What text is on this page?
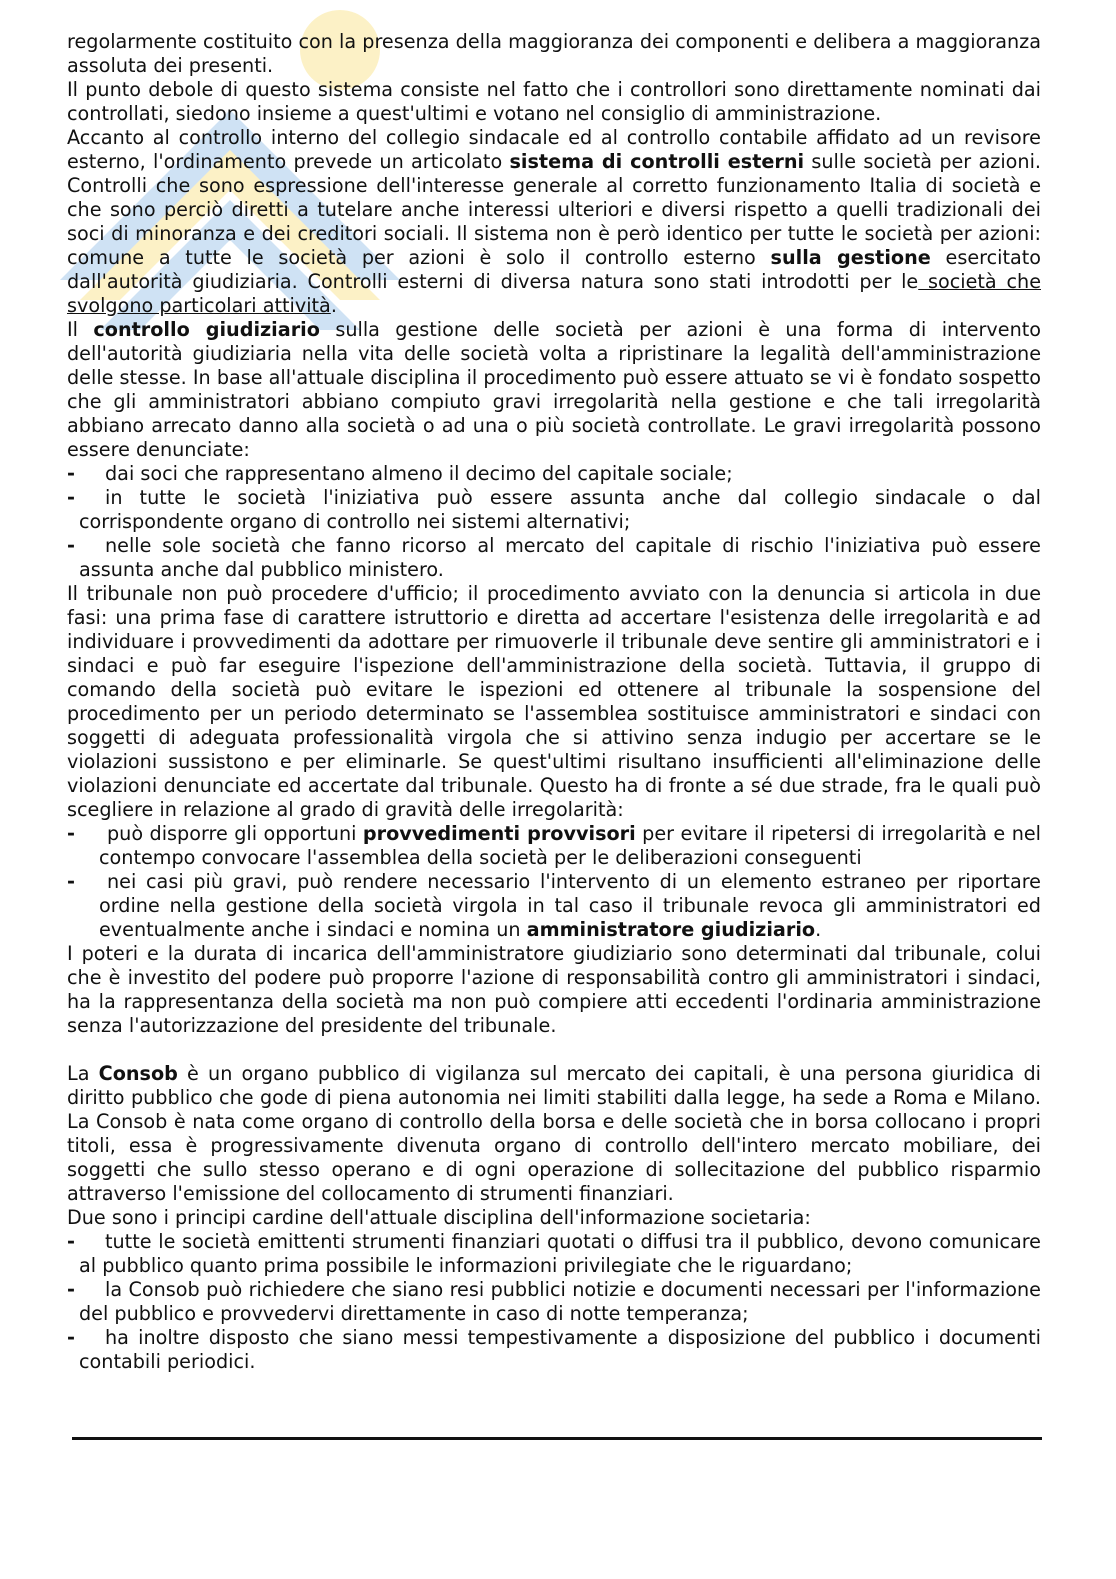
regolarmente costituito con la presenza della maggioranza dei componenti e delibera a maggioranza assoluta dei presenti.

Il punto debole di questo sistema consiste nel fatto che i controllori sono direttamente nominati dai controllati, siedono insieme a quest'ultimi e votano nel consiglio di amministrazione.

Accanto al controllo interno del collegio sindacale ed al controllo contabile affidato ad un revisore esterno, l'ordinamento prevede un articolato sistema di controlli esterni sulle società per azioni. Controlli che sono espressione dell'interesse generale al corretto funzionamento Italia di società e che sono perciò diretti a tutelare anche interessi ulteriori e diversi rispetto a quelli tradizionali dei soci di minoranza e dei creditori sociali. Il sistema non è però identico per tutte le società per azioni: comune a tutte le società per azioni è solo il controllo esterno sulla gestione esercitato dall'autorità giudiziaria. Controlli esterni di diversa natura sono stati introdotti per le società che svolgono particolari attività.

Il controllo giudiziario sulla gestione delle società per azioni è una forma di intervento dell'autorità giudiziaria nella vita delle società volta a ripristinare la legalità dell'amministrazione delle stesse. In base all'attuale disciplina il procedimento può essere attuato se vi è fondato sospetto che gli amministratori abbiano compiuto gravi irregolarità nella gestione e che tali irregolarità abbiano arrecato danno alla società o ad una o più società controllate. Le gravi irregolarità possono essere denunciate:

- dai soci che rappresentano almeno il decimo del capitale sociale;
- in tutte le società l'iniziativa può essere assunta anche dal collegio sindacale o dal corrispondente organo di controllo nei sistemi alternativi;
- nelle sole società che fanno ricorso al mercato del capitale di rischio l'iniziativa può essere assunta anche dal pubblico ministero.

Il tribunale non può procedere d'ufficio; il procedimento avviato con la denuncia si articola in due fasi: una prima fase di carattere istruttorio e diretta ad accertare l'esistenza delle irregolarità e ad individuare i provvedimenti da adottare per rimuoverle il tribunale deve sentire gli amministratori e i sindaci e può far eseguire l'ispezione dell'amministrazione della società. Tuttavia, il gruppo di comando della società può evitare le ispezioni ed ottenere al tribunale la sospensione del procedimento per un periodo determinato se l'assemblea sostituisce amministratori e sindaci con soggetti di adeguata professionalità virgola che si attivino senza indugio per accertare se le violazioni sussistono e per eliminarle. Se quest'ultimi risultano insufficienti all'eliminazione delle violazioni denunciate ed accertate dal tribunale. Questo ha di fronte a sé due strade, fra le quali può scegliere in relazione al grado di gravità delle irregolarità:

- può disporre gli opportuni provvedimenti provvisori per evitare il ripetersi di irregolarità e nel contempo convocare l'assemblea della società per le deliberazioni conseguenti
- nei casi più gravi, può rendere necessario l'intervento di un elemento estraneo per riportare ordine nella gestione della società virgola in tal caso il tribunale revoca gli amministratori ed eventualmente anche i sindaci e nomina un amministratore giudiziario.

I poteri e la durata di incarica dell'amministratore giudiziario sono determinati dal tribunale, colui che è investito del podere può proporre l'azione di responsabilità contro gli amministratori i sindaci, ha la rappresentanza della società ma non può compiere atti eccedenti l'ordinaria amministrazione senza l'autorizzazione del presidente del tribunale.

La Consob è un organo pubblico di vigilanza sul mercato dei capitali, è una persona giuridica di diritto pubblico che gode di piena autonomia nei limiti stabiliti dalla legge, ha sede a Roma e Milano. La Consob è nata come organo di controllo della borsa e delle società che in borsa collocano i propri titoli, essa è progressivamente divenuta organo di controllo dell'intero mercato mobiliare, dei soggetti che sullo stesso operano e di ogni operazione di sollecitazione del pubblico risparmio attraverso l'emissione del collocamento di strumenti finanziari.

Due sono i principi cardine dell'attuale disciplina dell'informazione societaria:

- tutte le società emittenti strumenti finanziari quotati o diffusi tra il pubblico, devono comunicare al pubblico quanto prima possibile le informazioni privilegiate che le riguardano;
- la Consob può richiedere che siano resi pubblici notizie e documenti necessari per l'informazione del pubblico e provvedervi direttamente in caso di notte temperanza;
- ha inoltre disposto che siano messi tempestivamente a disposizione del pubblico i documenti contabili periodici.
